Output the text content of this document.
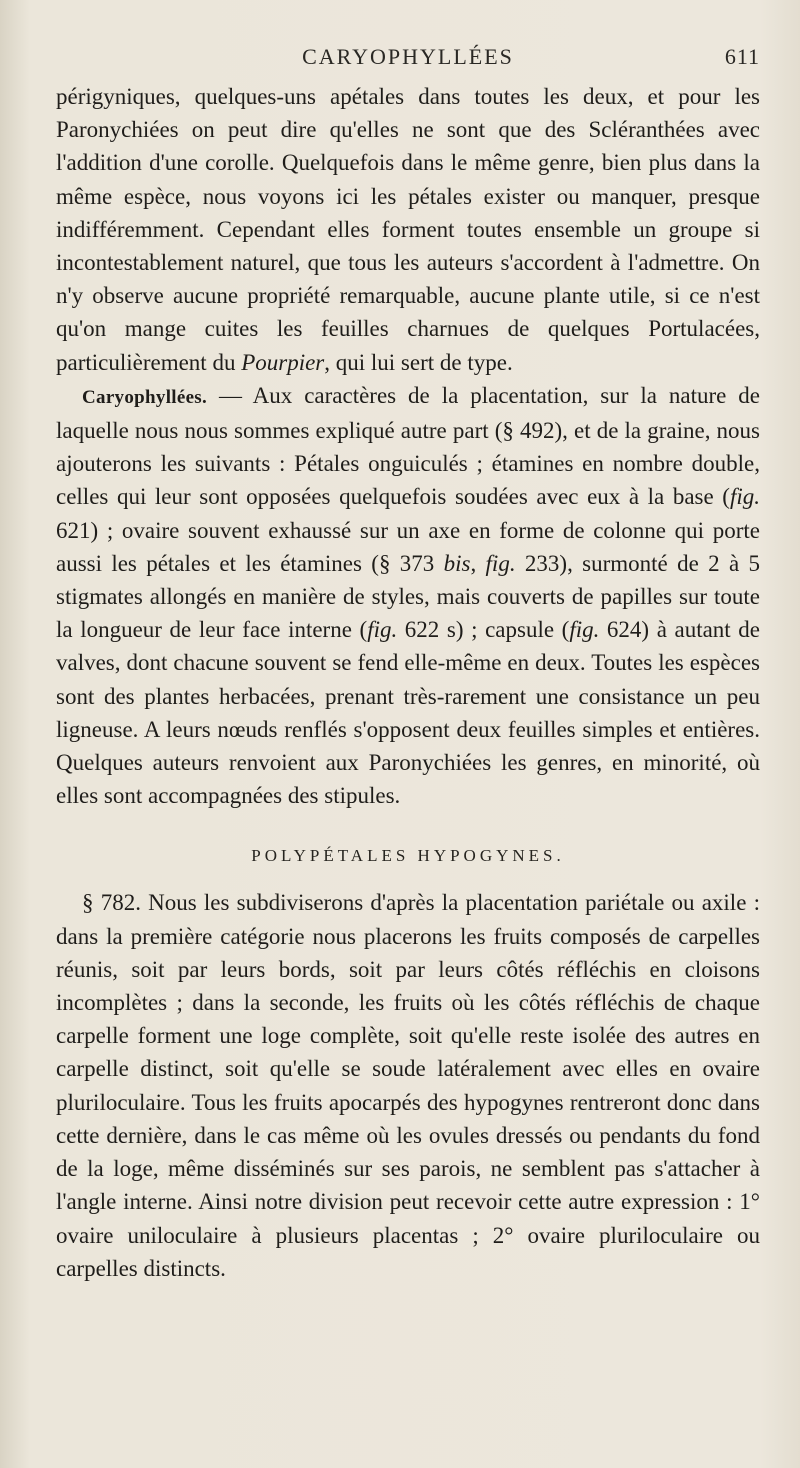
CARYOPHYLLÉES	611

périgyniques, quelques-uns apétales dans toutes les deux, et pour les Paronychiées on peut dire qu'elles ne sont que des Scléranthées avec l'addition d'une corolle. Quelquefois dans le même genre, bien plus dans la même espèce, nous voyons ici les pétales exister ou manquer, presque indifféremment. Cependant elles forment toutes ensemble un groupe si incontestablement naturel, que tous les auteurs s'accordent à l'admettre. On n'y observe aucune propriété remarquable, aucune plante utile, si ce n'est qu'on mange cuites les feuilles charnues de quelques Portulacées, particulièrement du Pourpier, qui lui sert de type.

Caryophyllées. — Aux caractères de la placentation, sur la nature de laquelle nous nous sommes expliqué autre part (§ 492), et de la graine, nous ajouterons les suivants : Pétales onguiculés ; étamines en nombre double, celles qui leur sont opposées quelquefois soudées avec eux à la base (fig. 621) ; ovaire souvent exhaussé sur un axe en forme de colonne qui porte aussi les pétales et les étamines (§ 373 bis, fig. 233), surmonté de 2 à 5 stigmates allongés en manière de styles, mais couverts de papilles sur toute la longueur de leur face interne (fig. 622 s) ; capsule (fig. 624) à autant de valves, dont chacune souvent se fend elle-même en deux. Toutes les espèces sont des plantes herbacées, prenant très-rarement une consistance un peu ligneuse. A leurs nœuds renflés s'opposent deux feuilles simples et entières. Quelques auteurs renvoient aux Paronychiées les genres, en minorité, où elles sont accompagnées des stipules.

POLYPÉTALES HYPOGYNES.

§ 782. Nous les subdiviserons d'après la placentation pariétale ou axile : dans la première catégorie nous placerons les fruits composés de carpelles réunis, soit par leurs bords, soit par leurs côtés réfléchis en cloisons incomplètes ; dans la seconde, les fruits où les côtés réfléchis de chaque carpelle forment une loge complète, soit qu'elle reste isolée des autres en carpelle distinct, soit qu'elle se soude latéralement avec elles en ovaire pluriloculaire. Tous les fruits apocarpés des hypogynes rentreront donc dans cette dernière, dans le cas même où les ovules dressés ou pendants du fond de la loge, même disséminés sur ses parois, ne semblent pas s'attacher à l'angle interne. Ainsi notre division peut recevoir cette autre expression : 1° ovaire uniloculaire à plusieurs placentas ; 2° ovaire pluriloculaire ou carpelles distincts.
